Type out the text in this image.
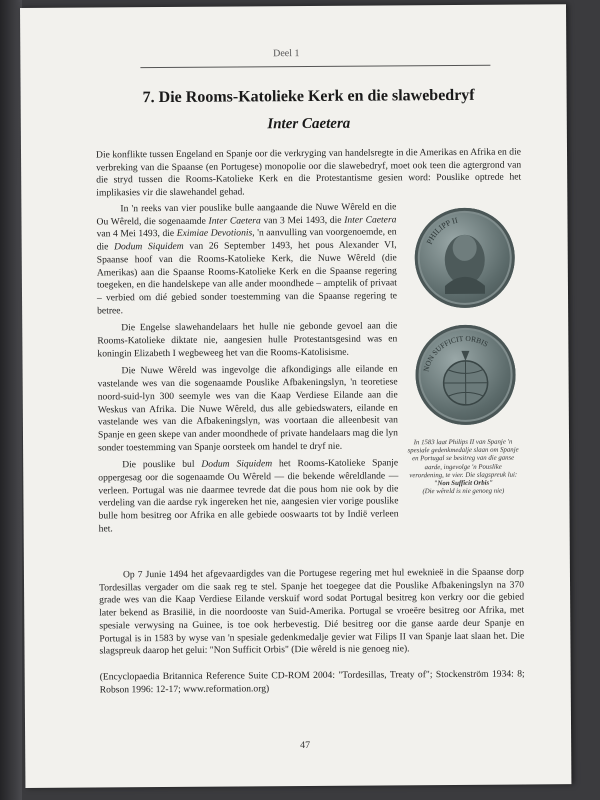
Deel 1
7. Die Rooms-Katolieke Kerk en die slawebedryf
Inter Caetera

Die konflikte tussen Engeland en Spanje oor die verkryging van handelsregte in die Amerikas en Afrika en die verbreking van die Spaanse (en Portugese) monopolie oor die slawebedryf, moet ook teen die agtergrond van die stryd tussen die Rooms-Katolieke Kerk en die Protestantisme gesien word: Pouslike optrede het implikasies vir die slawehandel gehad.

In 'n reeks van vier pouslike bulle aangaande die Nuwe Wêreld en die Ou Wêreld, die sogenaamde Inter Caetera van 3 Mei 1493, die Inter Caetera van 4 Mei 1493, die Eximiae Devotionis, 'n aanvulling van voorgenoemde, en die Dodum Siquidem van 26 September 1493, het pous Alexander VI, Spaanse hoof van die Rooms-Katolieke Kerk, die Nuwe Wêreld (die Amerikas) aan die Spaanse Rooms-Katolieke Kerk en die Spaanse regering toegeken, en die handelskepe van alle ander moondhede – amptelik of privaat – verbied om dié gebied sonder toestemming van die Spaanse regering te betree.

Die Engelse slawehandelaars het hulle nie gebonde gevoel aan die Rooms-Katolieke diktate nie, aangesien hulle Protestantsgesind was en koningin Elizabeth I wegbeweeg het van die Rooms-Katolisisme.

Die Nuwe Wêreld was ingevolge die afkondigings alle eilande en vastelande wes van die sogenaamde Pouslike Afbakeningslyn, 'n teoretiese noord-suid-lyn 300 seemyle wes van die Kaap Verdiese Eilande aan die Weskus van Afrika. Die Nuwe Wêreld, dus alle gebiedswaters, eilande en vastelande wes van die Afbakeningslyn, was voortaan die alleenbesit van Spanje en geen skepe van ander moondhede of private handelaars mag die lyn sonder toestemming van Spanje oorsteek om handel te dryf nie.

Die pouslike bul Dodum Siquidem het Rooms-Katolieke Spanje oppergesag oor die sogenaamde Ou Wêreld — die bekende wêreldlande — verleen. Portugal was nie daarmee tevrede dat die pous hom nie ook by die verdeling van die aardse ryk ingereken het nie, aangesien vier vorige pouslike bulle hom besitreg oor Afrika en alle gebiede ooswaarts tot by Indië verleen het.

PHILIPP II
NON SUFFICIT ORBIS
In 1583 laat Philips II van Spanje 'n spesiale gedenkmedalje slaan om Spanje en Portugal se besitreg van die ganse aarde, ingevolge 'n Pouslike verordening, te vier. Die slagspreuk lui:
"Non Sufficit Orbis"
(Die wêreld is nie genoeg nie)

Op 7 Junie 1494 het afgevaardigdes van die Portugese regering met hul eweknieë in die Spaanse dorp Tordesillas vergader om die saak reg te stel. Spanje het toegegee dat die Pouslike Afbakeningslyn na 370 grade wes van die Kaap Verdiese Eilande verskuif word sodat Portugal besitreg kon verkry oor die gebied later bekend as Brasilië, in die noordooste van Suid-Amerika. Portugal se vroeëre besitreg oor Afrika, met spesiale verwysing na Guinee, is toe ook herbevestig. Dié besitreg oor die ganse aarde deur Spanje en Portugal is in 1583 by wyse van 'n spesiale gedenkmedalje gevier wat Filips II van Spanje laat slaan het. Die slagspreuk daarop het gelui: "Non Sufficit Orbis" (Die wêreld is nie genoeg nie).

(Encyclopaedia Britannica Reference Suite CD-ROM 2004: "Tordesillas, Treaty of"; Stockenström 1934: 8; Robson 1996: 12-17; www.reformation.org)

47
